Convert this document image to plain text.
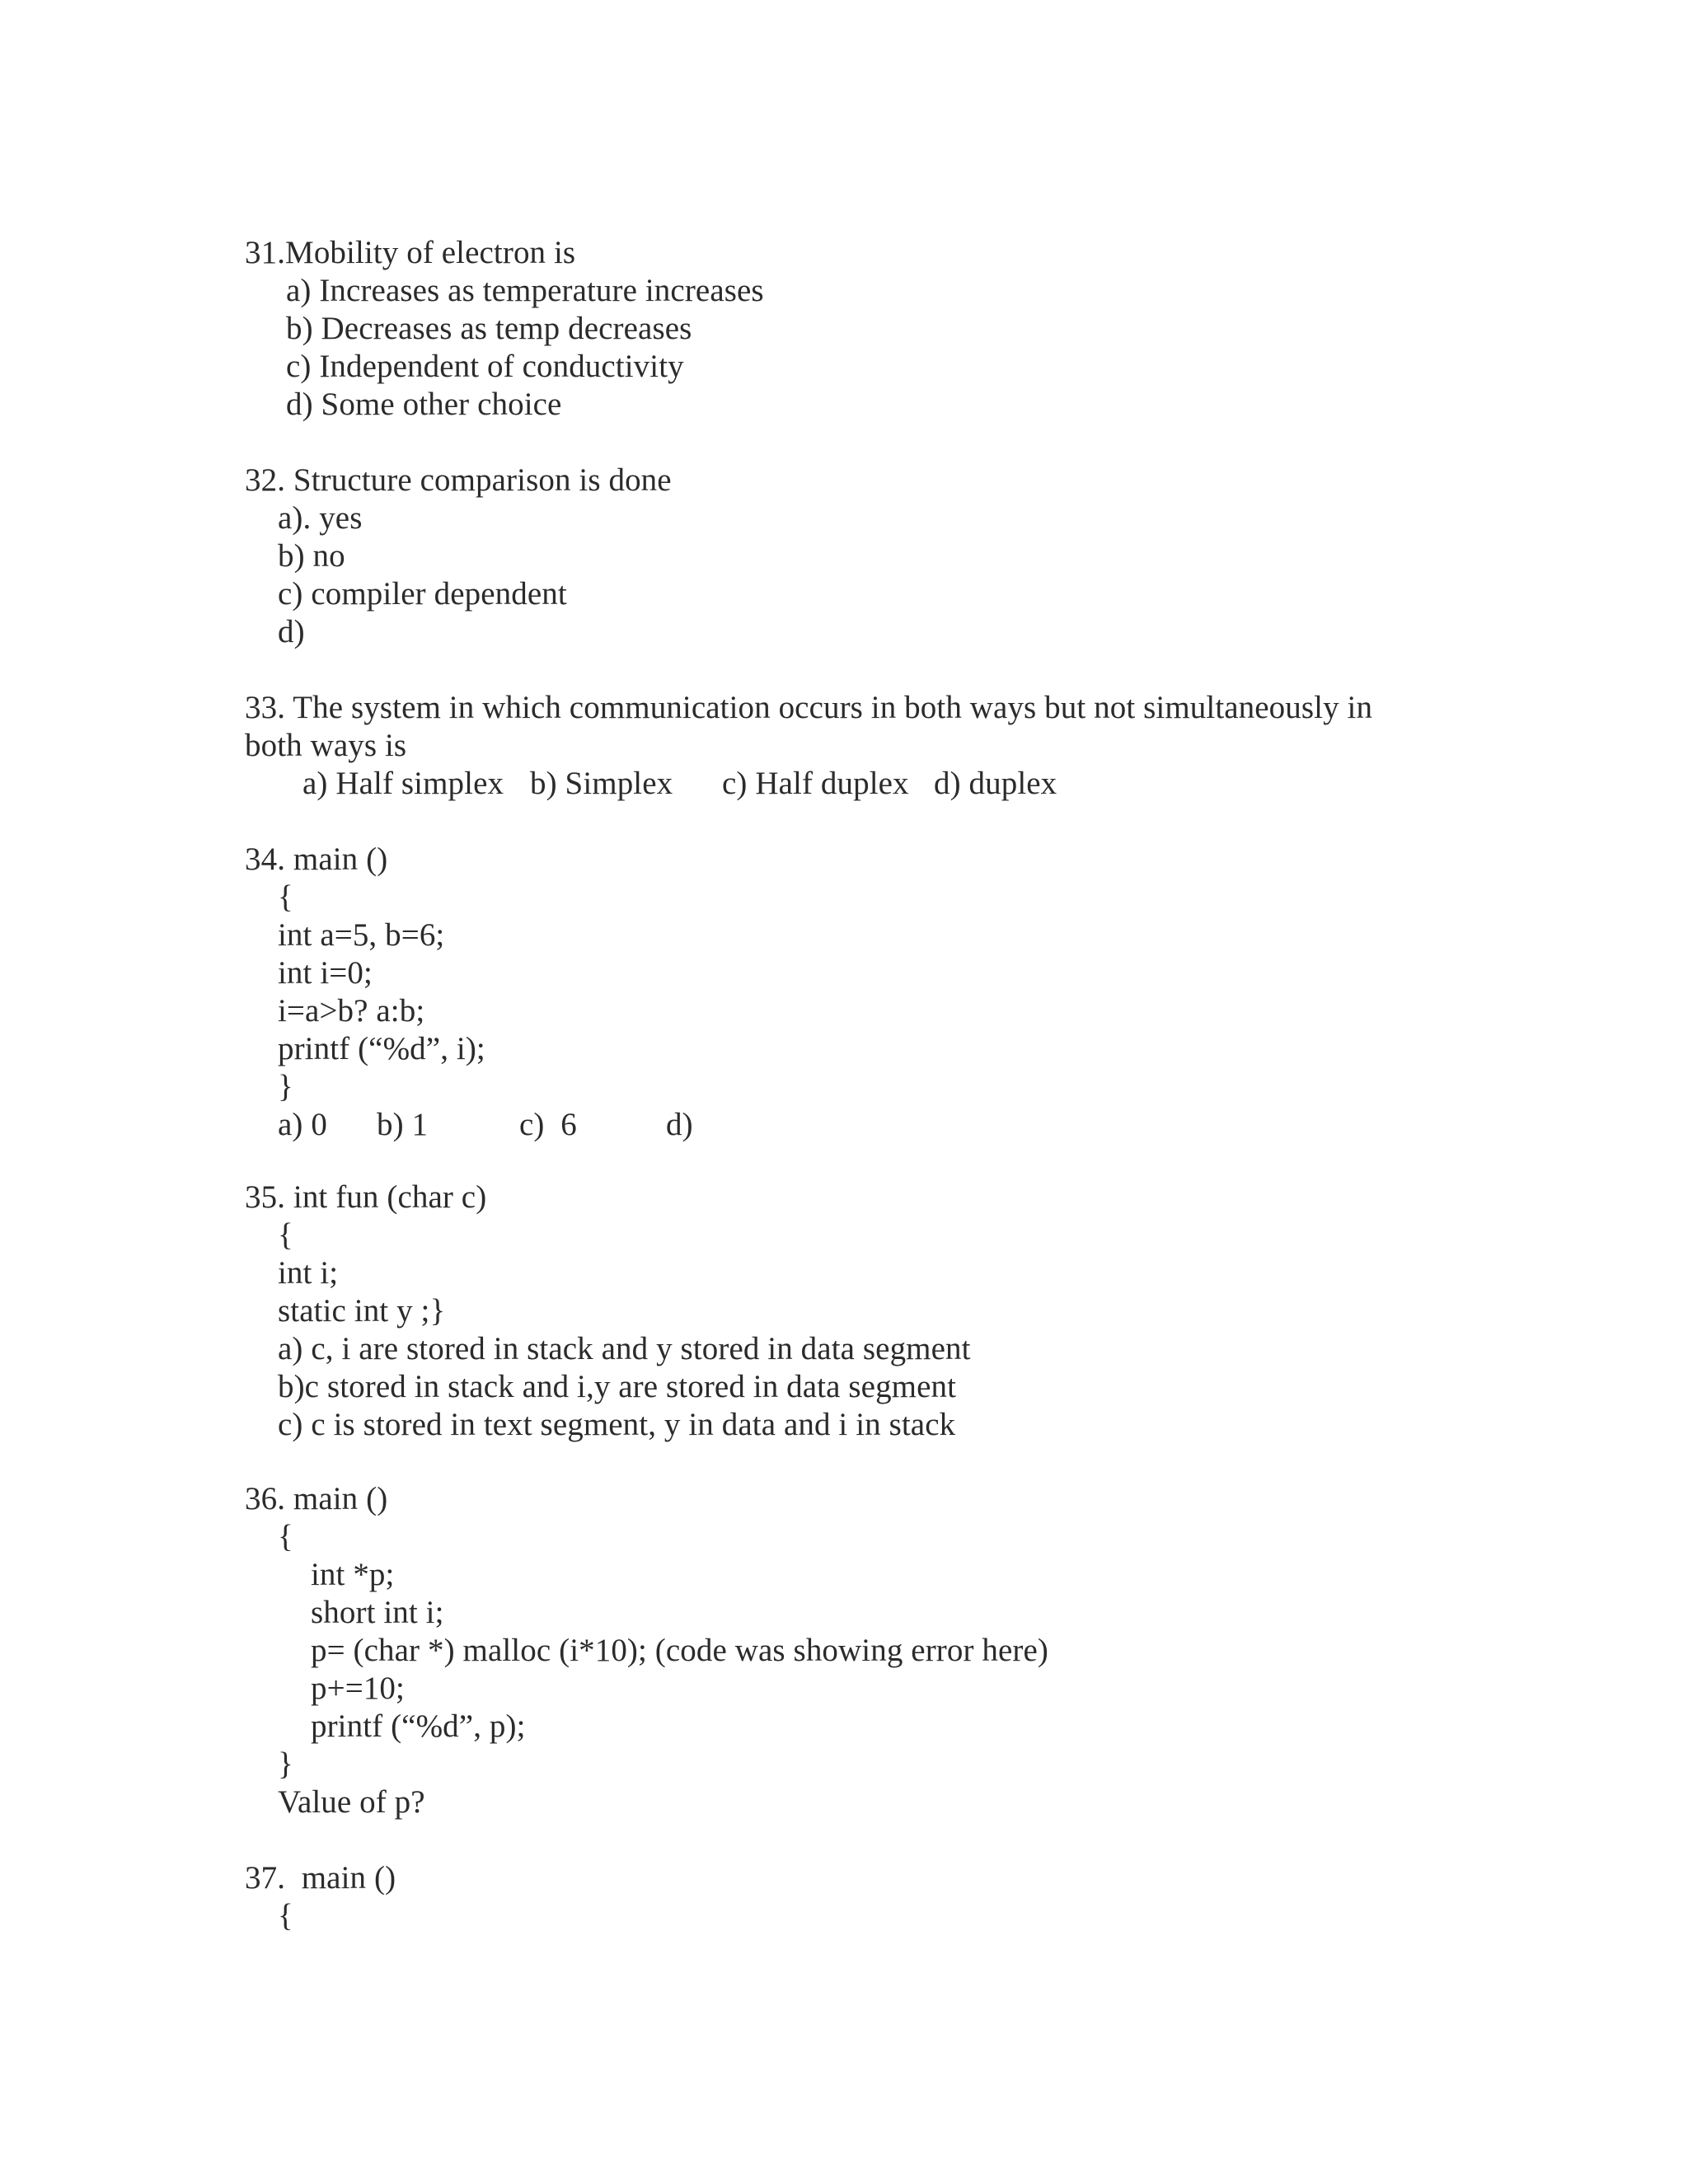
31.Mobility of electron is
a) Increases as temperature increases
b) Decreases as temp decreases
c) Independent of conductivity
d) Some other choice
32. Structure comparison is done
a). yes
b) no
c) compiler dependent
d)
33. The system in which communication occurs in both ways but not simultaneously in
both ways is
a) Half simplex b) Simplex c) Half duplex d) duplex
34. main ()
{
int a=5, b=6;
int i=0;
i=a>b? a:b;
printf (“%d”, i);
}
a) 0 b) 1	c)  6	d)
35. int fun (char c)
{
int i;
static int y ;}
a) c, i are stored in stack and y stored in data segment
b)c stored in stack and i,y are stored in data segment
c) c is stored in text segment, y in data and i in stack
36. main ()
{
int *p;
short int i;
p= (char *) malloc (i*10); (code was showing error here)
p+=10;
printf (“%d”, p);
}
Value of p?
37.  main ()
{
